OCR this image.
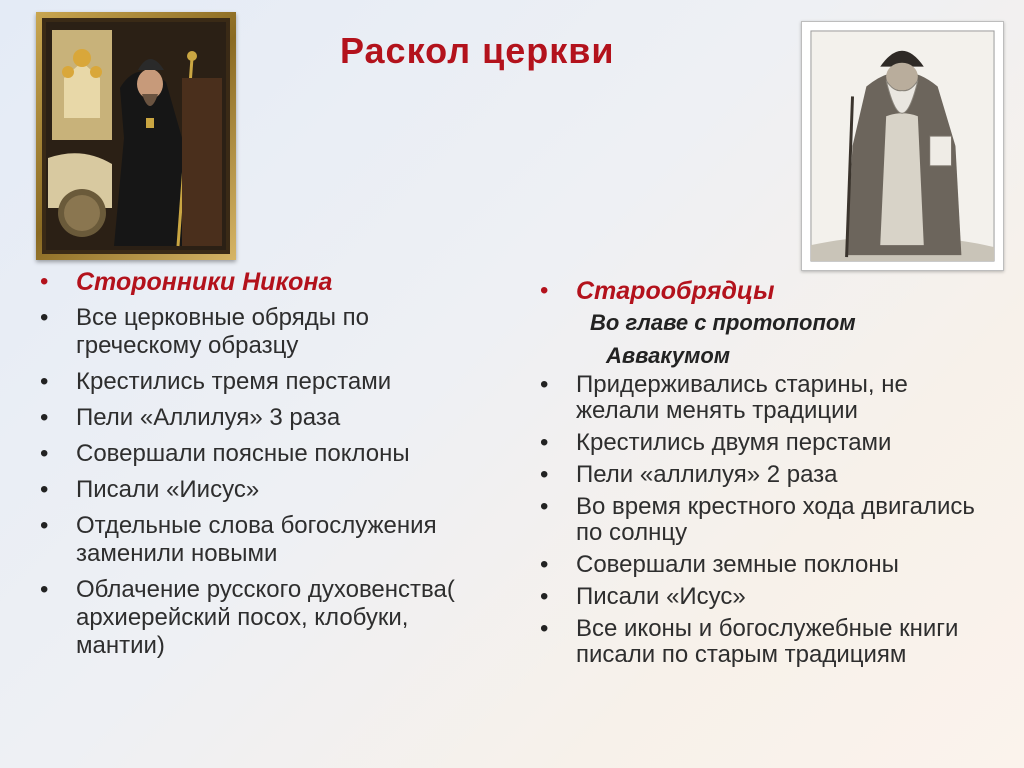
Раскол церкви
•	Сторонники Никона
•	Все церковные обряды по греческому образцу
•	Крестились тремя перстами
•	Пели «Аллилуя» 3 раза
•	Совершали поясные поклоны
•	Писали «Иисус»
•	Отдельные слова богослужения заменили новыми
•	Облачение русского духовенства( архиерейский посох, клобуки, мантии)
•	Старообрядцы
Во главе с протопопом
Аввакумом
•	Придерживались старины, не желали менять традиции
•	Крестились двумя перстами
•	Пели «аллилуя» 2 раза
•	Во время крестного хода двигались по солнцу
•	Совершали земные поклоны
•	Писали «Исус»
•	Все иконы и богослужебные книги писали по старым традициям
